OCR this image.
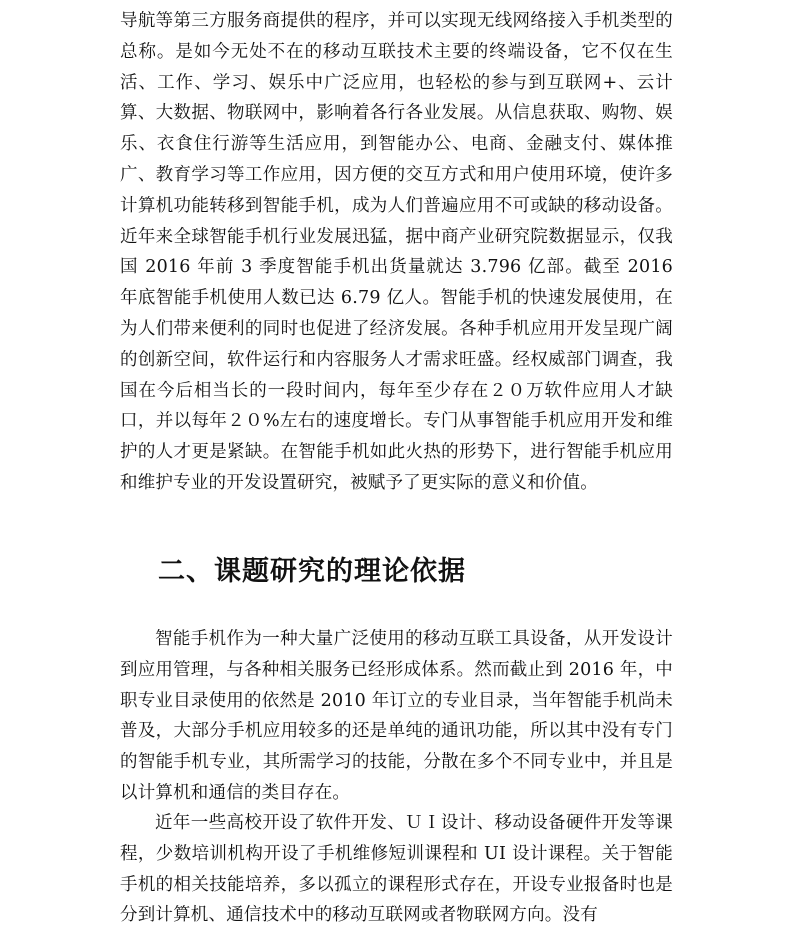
导航等第三方服务商提供的程序，并可以实现无线网络接入手机类型的总称。是如今无处不在的移动互联技术主要的终端设备，它不仅在生活、工作、学习、娱乐中广泛应用，也轻松的参与到互联网+、云计算、大数据、物联网中，影响着各行各业发展。从信息获取、购物、娱乐、衣食住行游等生活应用，到智能办公、电商、金融支付、媒体推广、教育学习等工作应用，因方便的交互方式和用户使用环境，使许多计算机功能转移到智能手机，成为人们普遍应用不可或缺的移动设备。近年来全球智能手机行业发展迅猛，据中商产业研究院数据显示，仅我国 2016 年前 3 季度智能手机出货量就达 3.796 亿部。截至 2016 年底智能手机使用人数已达 6.79 亿人。智能手机的快速发展使用，在为人们带来便利的同时也促进了经济发展。各种手机应用开发呈现广阔的创新空间，软件运行和内容服务人才需求旺盛。经权威部门调查，我国在今后相当长的一段时间内，每年至少存在２０万软件应用人才缺口，并以每年２０%左右的速度增长。专门从事智能手机应用开发和维护的人才更是紧缺。在智能手机如此火热的形势下，进行智能手机应用和维护专业的开发设置研究，被赋予了更实际的意义和价值。

二、课题研究的理论依据

智能手机作为一种大量广泛使用的移动互联工具设备，从开发设计到应用管理，与各种相关服务已经形成体系。然而截止到 2016 年，中职专业目录使用的依然是 2010 年订立的专业目录，当年智能手机尚未普及，大部分手机应用较多的还是单纯的通讯功能，所以其中没有专门的智能手机专业，其所需学习的技能，分散在多个不同专业中，并且是以计算机和通信的类目存在。

近年一些高校开设了软件开发、ＵＩ设计、移动设备硬件开发等课程，少数培训机构开设了手机维修短训课程和 UI 设计课程。关于智能手机的相关技能培养，多以孤立的课程形式存在，开设专业报备时也是分到计算机、通信技术中的移动互联网或者物联网方向。没有
